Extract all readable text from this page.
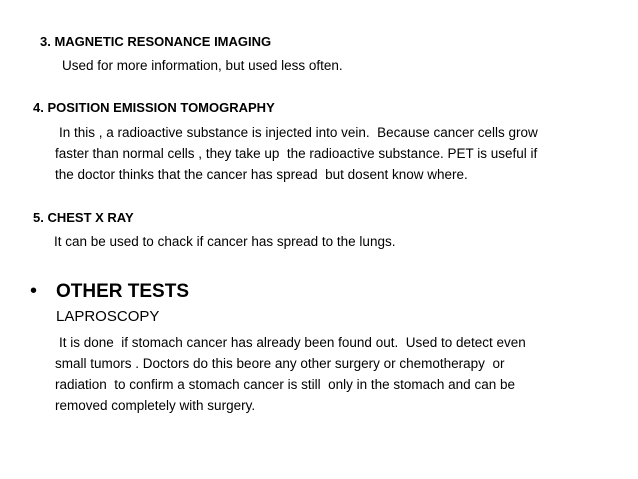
3. MAGNETIC RESONANCE IMAGING
Used for more information, but used less often.
4. POSITION EMISSION TOMOGRAPHY
In this , a radioactive substance is injected into vein.  Because cancer cells grow
faster than normal cells , they take up  the radioactive substance. PET is useful if
the doctor thinks that the cancer has spread  but dosent know where.
5. CHEST X RAY
It can be used to chack if cancer has spread to the lungs.
• OTHER TESTS
LAPROSCOPY
It is done  if stomach cancer has already been found out.  Used to detect even
small tumors . Doctors do this beore any other surgery or chemotherapy  or
radiation  to confirm a stomach cancer is still  only in the stomach and can be
removed completely with surgery.
